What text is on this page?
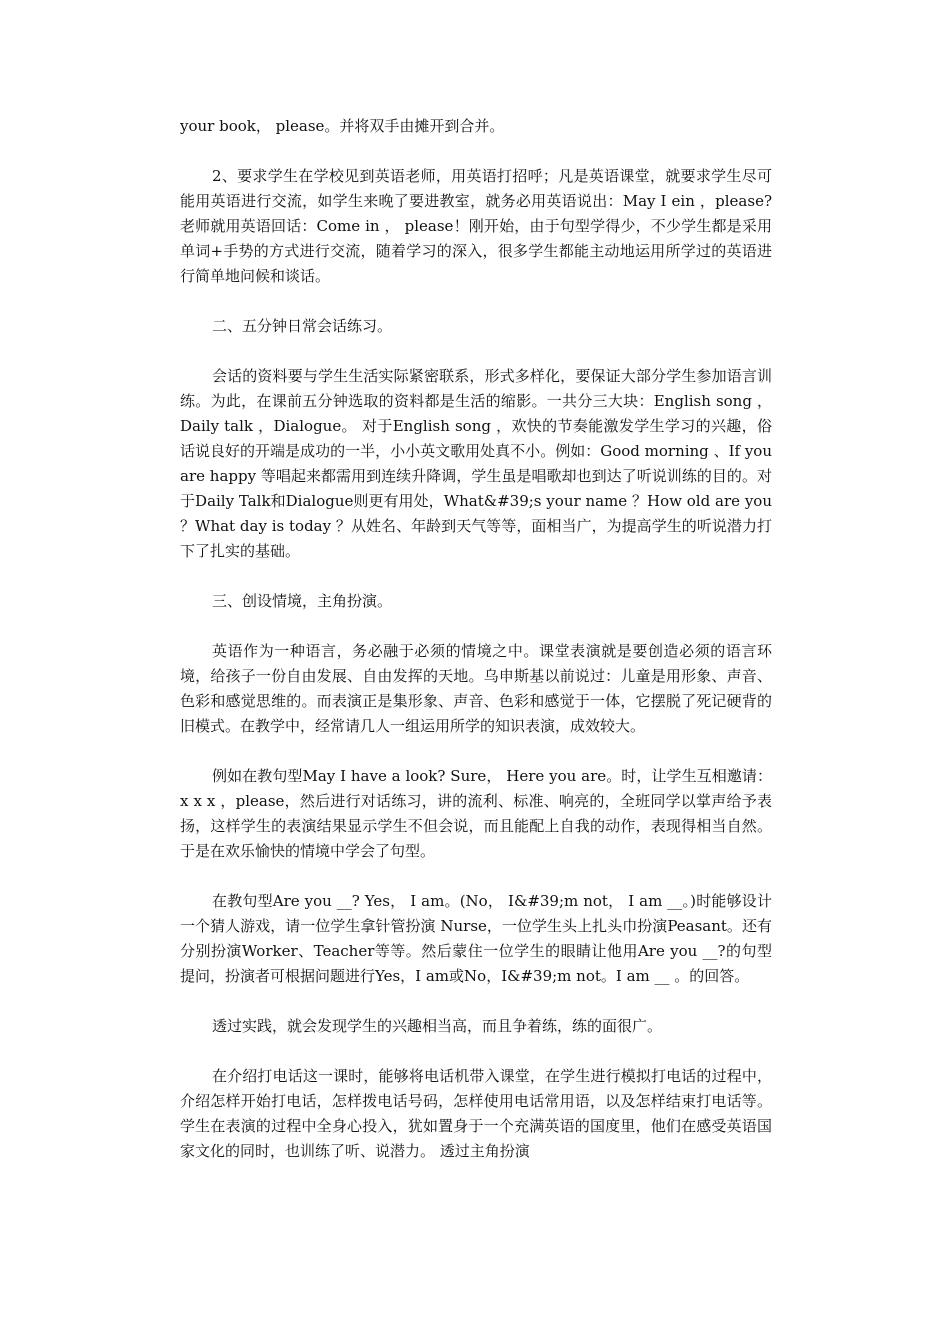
your book， please。并将双手由摊开到合并。

2、要求学生在学校见到英语老师，用英语打招呼；凡是英语课堂，就要求学生尽可能用英语进行交流，如学生来晚了要进教室，就务必用英语说出：May I ein ，please?老师就用英语回话：Come in ， please！刚开始，由于句型学得少，不少学生都是采用单词+手势的方式进行交流，随着学习的深入，很多学生都能主动地运用所学过的英语进行简单地问候和谈话。

二、五分钟日常会话练习。

会话的资料要与学生生活实际紧密联系，形式多样化，要保证大部分学生参加语言训练。为此，在课前五分钟选取的资料都是生活的缩影。一共分三大块：English song ，Daily talk ，Dialogue。 对于English song ，欢快的节奏能激发学生学习的兴趣，俗话说良好的开端是成功的一半，小小英文歌用处真不小。例如：Good morning 、If you are happy 等唱起来都需用到连续升降调，学生虽是唱歌却也到达了听说训练的目的。对于Daily Talk和Dialogue则更有用处，What&#39;s your name ？How old are you ？What day is today ？从姓名、年龄到天气等等，面相当广，为提高学生的听说潜力打下了扎实的基础。

三、创设情境，主角扮演。

英语作为一种语言，务必融于必须的情境之中。课堂表演就是要创造必须的语言环境，给孩子一份自由发展、自由发挥的天地。乌申斯基以前说过：儿童是用形象、声音、色彩和感觉思维的。而表演正是集形象、声音、色彩和感觉于一体，它摆脱了死记硬背的旧模式。在教学中，经常请几人一组运用所学的知识表演，成效较大。

例如在教句型May I have a look? Sure， Here you are。时，让学生互相邀请：x x x ，please，然后进行对话练习，讲的流利、标准、响亮的，全班同学以掌声给予表扬，这样学生的表演结果显示学生不但会说，而且能配上自我的动作，表现得相当自然。于是在欢乐愉快的情境中学会了句型。

在教句型Are you __? Yes， I am。(No， I&#39;m not， I am __。)时能够设计一个猜人游戏，请一位学生拿针管扮演 Nurse，一位学生头上扎头巾扮演Peasant。还有分别扮演Worker、Teacher等等。然后蒙住一位学生的眼睛让他用Are you __?的句型提问，扮演者可根据问题进行Yes，I am或No，I&#39;m not。I am __ 。的回答。

透过实践，就会发现学生的兴趣相当高，而且争着练，练的面很广。

在介绍打电话这一课时，能够将电话机带入课堂，在学生进行模拟打电话的过程中，介绍怎样开始打电话，怎样拨电话号码，怎样使用电话常用语，以及怎样结束打电话等。学生在表演的过程中全身心投入，犹如置身于一个充满英语的国度里，他们在感受英语国家文化的同时，也训练了听、说潜力。 透过主角扮演
